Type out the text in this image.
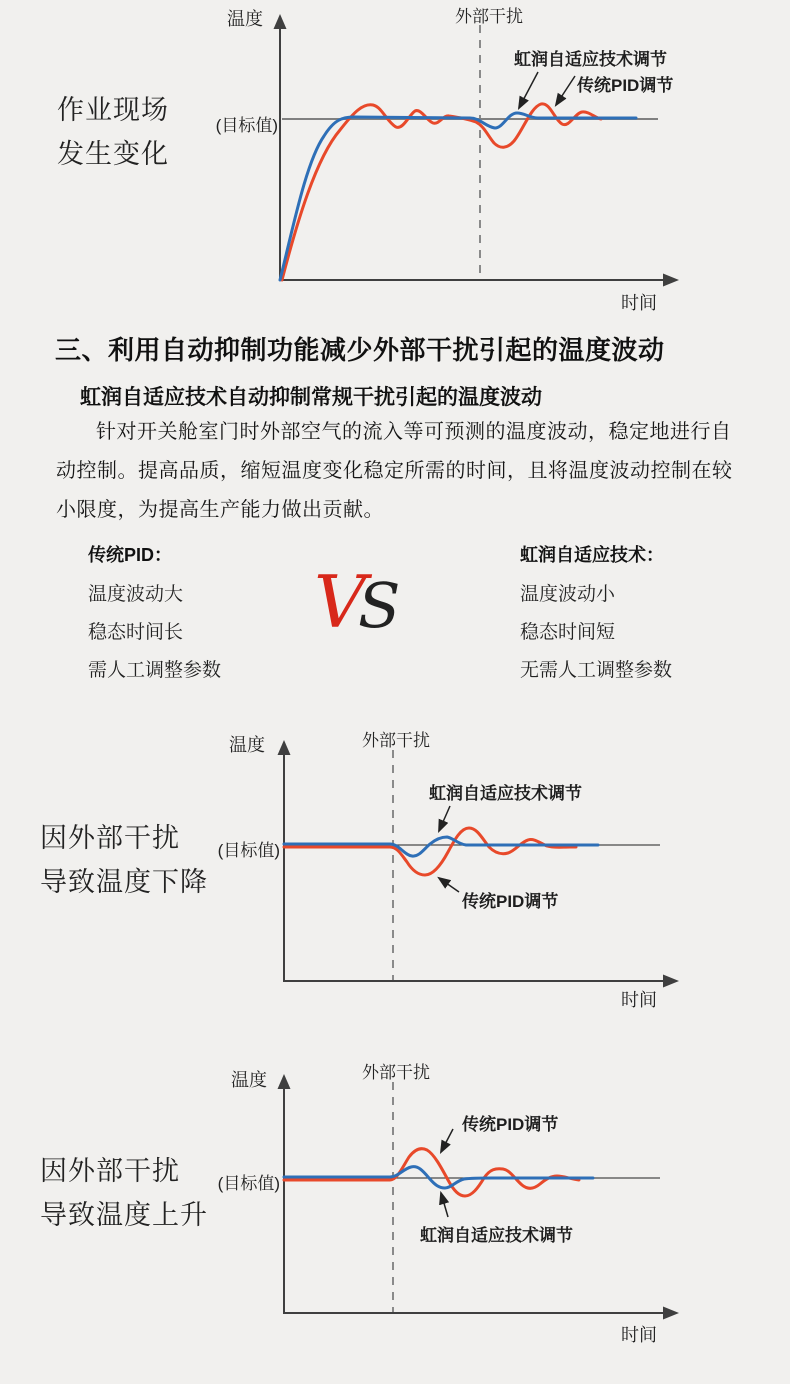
作业现场
发生变化
温度	外部干扰
(目标值)
虹润自适应技术调节
传统PID调节
时间
三、利用自动抑制功能减少外部干扰引起的温度波动
虹润自适应技术自动抑制常规干扰引起的温度波动
针对开关舱室门时外部空气的流入等可预测的温度波动，稳定地进行自动控制。提高品质，缩短温度变化稳定所需的时间，且将温度波动控制在较小限度，为提高生产能力做出贡献。
传统PID：
温度波动大
稳态时间长
需人工调整参数
VS
虹润自适应技术：
温度波动小
稳态时间短
无需人工调整参数
因外部干扰
导致温度下降
温度	外部干扰
(目标值)
虹润自适应技术调节
传统PID调节
时间
因外部干扰
导致温度上升
温度	外部干扰
(目标值)
传统PID调节
虹润自适应技术调节
时间
